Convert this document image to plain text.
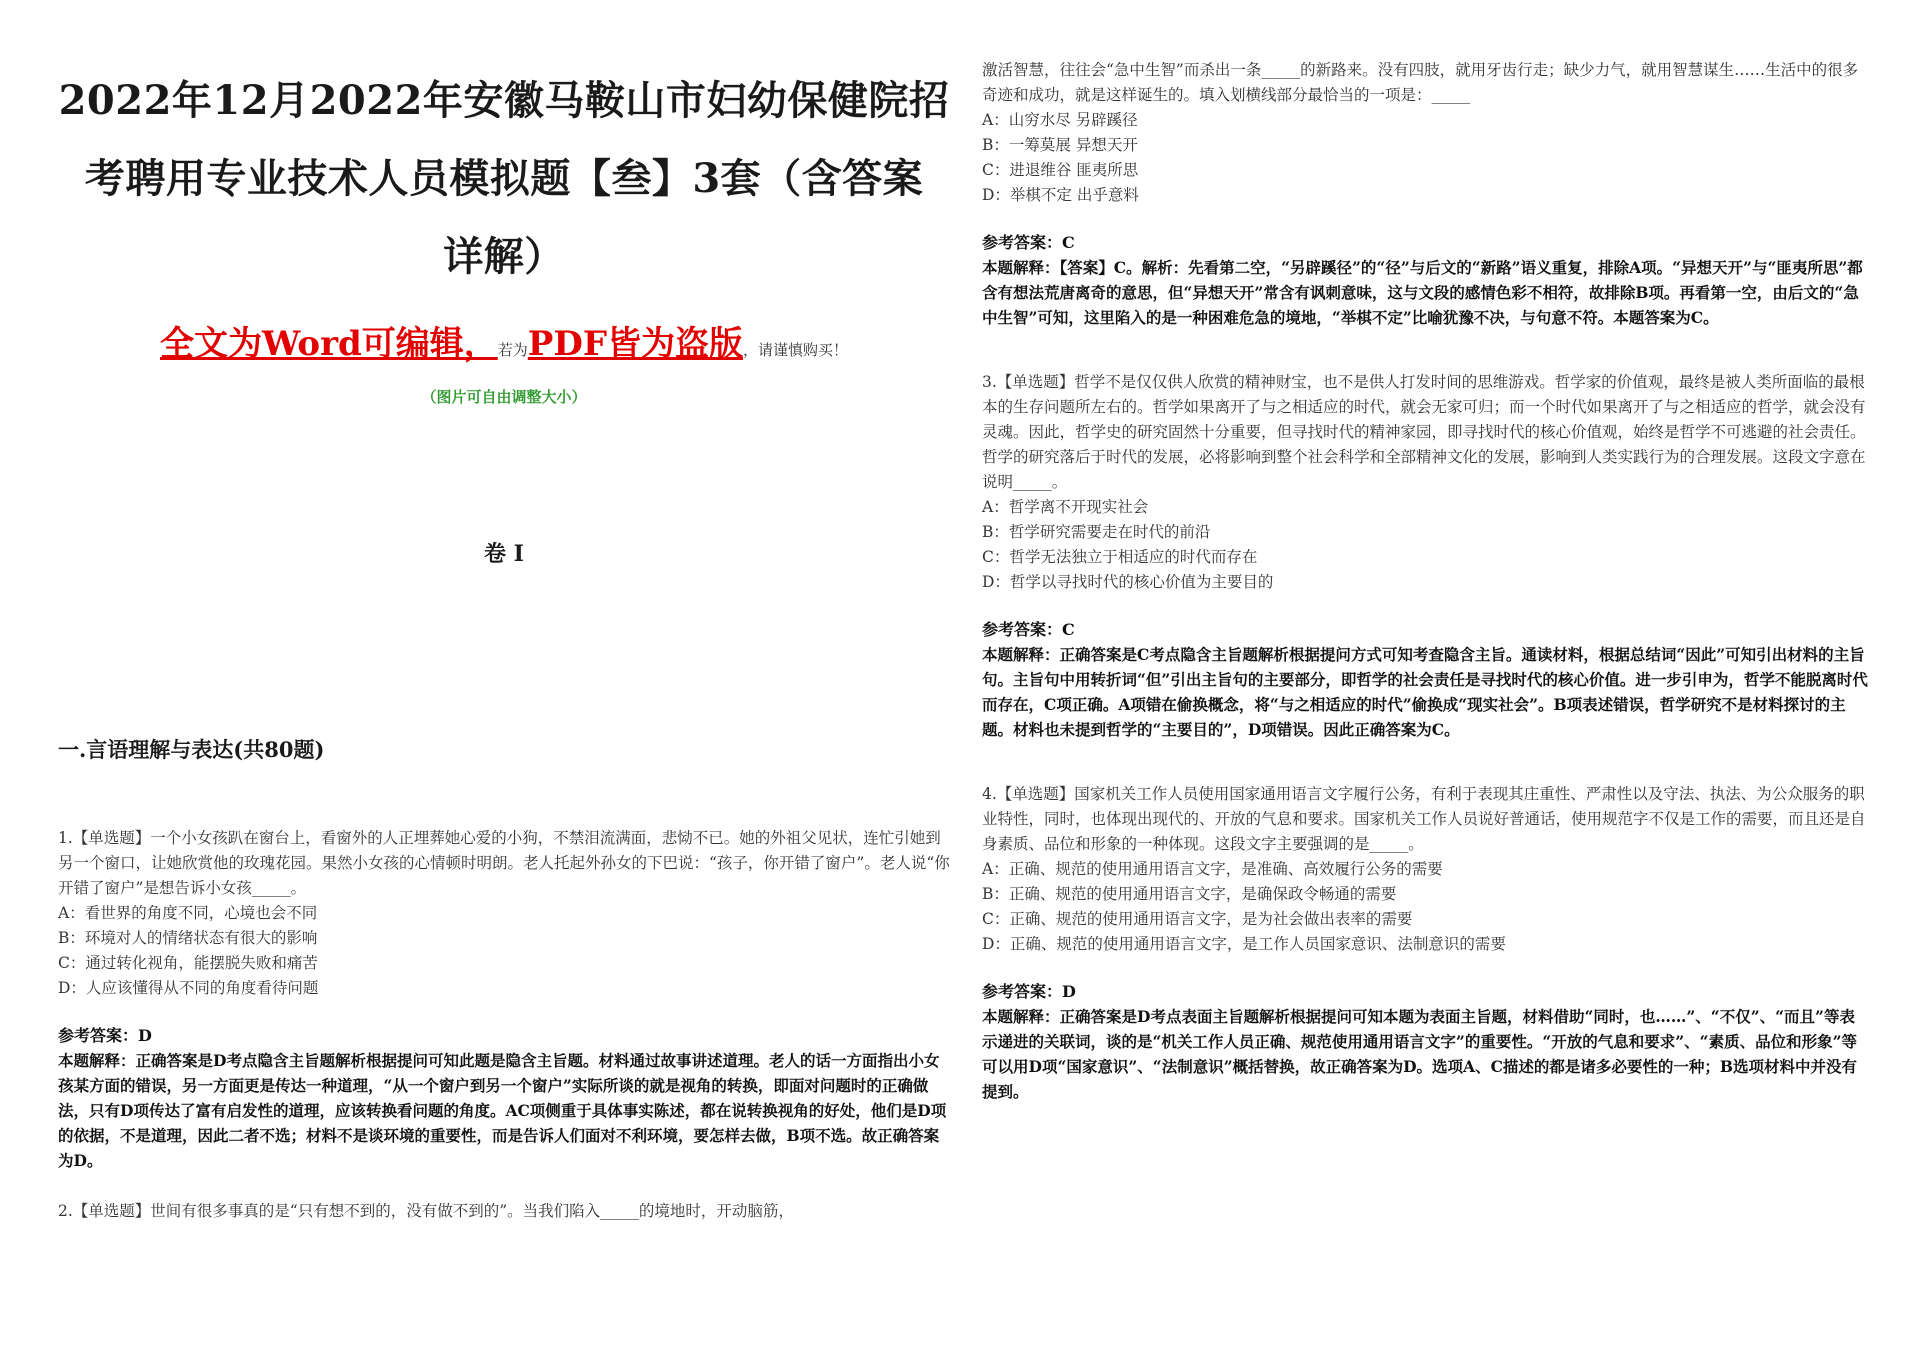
2022年12月2022年安徽马鞍山市妇幼保健院招
考聘用专业技术人员模拟题【叁】3套（含答案
详解）
全文为Word可编辑，若为PDF皆为盗版，请谨慎购买！
（图片可自由调整大小）
卷 I
一.言语理解与表达(共80题)

1.【单选题】一个小女孩趴在窗台上，看窗外的人正埋葬她心爱的小狗，不禁泪流满面，悲恸不已。她的外祖父见状，连忙引她到另一个窗口，让她欣赏他的玫瑰花园。果然小女孩的心情顿时明朗。老人托起外孙女的下巴说：“孩子，你开错了窗户”。老人说“你开错了窗户”是想告诉小女孩_____。

A：看世界的角度不同，心境也会不同
B：环境对人的情绪状态有很大的影响
C：通过转化视角，能摆脱失败和痛苦
D：人应该懂得从不同的角度看待问题
参考答案：D

本题解释：正确答案是D考点隐含主旨题解析根据提问可知此题是隐含主旨题。材料通过故事讲述道理。老人的话一方面指出小女孩某方面的错误，另一方面更是传达一种道理，“从一个窗户到另一个窗户”实际所谈的就是视角的转换，即面对问题时的正确做法，只有D项传达了富有启发性的道理，应该转换看问题的角度。AC项侧重于具体事实陈述，都在说转换视角的好处，他们是D项的依据，不是道理，因此二者不选；材料不是谈环境的重要性，而是告诉人们面对不利环境，要怎样去做，B项不选。故正确答案为D。

2.【单选题】世间有很多事真的是“只有想不到的，没有做不到的”。当我们陷入_____的境地时，开动脑筋，

激活智慧，往往会“急中生智”而杀出一条_____的新路来。没有四肢，就用牙齿行走；缺少力气，就用智慧谋生……生活中的很多奇迹和成功，就是这样诞生的。填入划横线部分最恰当的一项是：_____

A：山穷水尽 另辟蹊径
B：一筹莫展 异想天开
C：进退维谷 匪夷所思
D：举棋不定 出乎意料
参考答案：C

本题解释：【答案】C。解析：先看第二空，“另辟蹊径”的“径”与后文的“新路”语义重复，排除A项。“异想天开”与“匪夷所思”都含有想法荒唐离奇的意思，但“异想天开”常含有讽刺意味，这与文段的感情色彩不相符，故排除B项。再看第一空，由后文的“急中生智”可知，这里陷入的是一种困难危急的境地，“举棋不定”比喻犹豫不决，与句意不符。本题答案为C。

3.【单选题】哲学不是仅仅供人欣赏的精神财宝，也不是供人打发时间的思维游戏。哲学家的价值观，最终是被人类所面临的最根本的生存问题所左右的。哲学如果离开了与之相适应的时代，就会无家可归；而一个时代如果离开了与之相适应的哲学，就会没有灵魂。因此，哲学史的研究固然十分重要，但寻找时代的精神家园，即寻找时代的核心价值观，始终是哲学不可逃避的社会责任。哲学的研究落后于时代的发展，必将影响到整个社会科学和全部精神文化的发展，影响到人类实践行为的合理发展。这段文字意在说明_____。

A：哲学离不开现实社会
B：哲学研究需要走在时代的前沿
C：哲学无法独立于相适应的时代而存在
D：哲学以寻找时代的核心价值为主要目的
参考答案：C

本题解释：正确答案是C考点隐含主旨题解析根据提问方式可知考查隐含主旨。通读材料，根据总结词“因此”可知引出材料的主旨句。主旨句中用转折词“但”引出主旨句的主要部分，即哲学的社会责任是寻找时代的核心价值。进一步引申为，哲学不能脱离时代而存在，C项正确。A项错在偷换概念，将“与之相适应的时代”偷换成“现实社会”。B项表述错误，哲学研究不是材料探讨的主题。材料也未提到哲学的“主要目的”，D项错误。因此正确答案为C。

4.【单选题】国家机关工作人员使用国家通用语言文字履行公务，有利于表现其庄重性、严肃性以及守法、执法、为公众服务的职业特性，同时，也体现出现代的、开放的气息和要求。国家机关工作人员说好普通话，使用规范字不仅是工作的需要，而且还是自身素质、品位和形象的一种体现。这段文字主要强调的是_____。

A：正确、规范的使用通用语言文字，是准确、高效履行公务的需要
B：正确、规范的使用通用语言文字，是确保政令畅通的需要
C：正确、规范的使用通用语言文字，是为社会做出表率的需要
D：正确、规范的使用通用语言文字，是工作人员国家意识、法制意识的需要
参考答案：D

本题解释：正确答案是D考点表面主旨题解析根据提问可知本题为表面主旨题，材料借助“同时，也……”、“不仅”、“而且”等表示递进的关联词，谈的是“机关工作人员正确、规范使用通用语言文字”的重要性。“开放的气息和要求”、“素质、品位和形象”等可以用D项“国家意识”、“法制意识”概括替换，故正确答案为D。选项A、C描述的都是诸多必要性的一种；B选项材料中并没有提到。
